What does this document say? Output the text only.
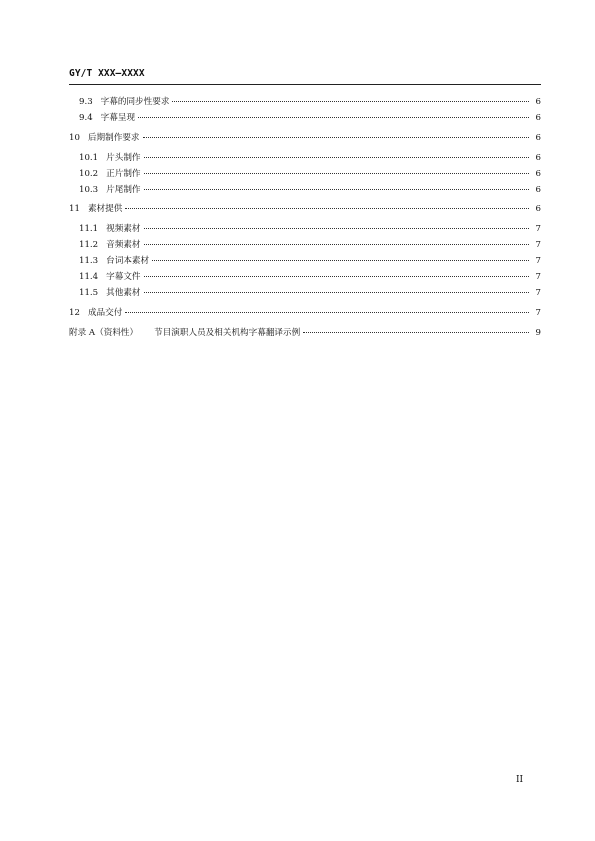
GY/T XXX—XXXX
9.3 字幕的同步性要求	6
9.4 字幕呈现	6
10 后期制作要求	6
10.1 片头制作	6
10.2 正片制作	6
10.3 片尾制作	6
11 素材提供	6
11.1 视频素材	7
11.2 音频素材	7
11.3 台词本素材	7
11.4 字幕文件	7
11.5 其他素材	7
12 成品交付	7
附录 A（资料性） 节目演职人员及相关机构字幕翻译示例	9
II
